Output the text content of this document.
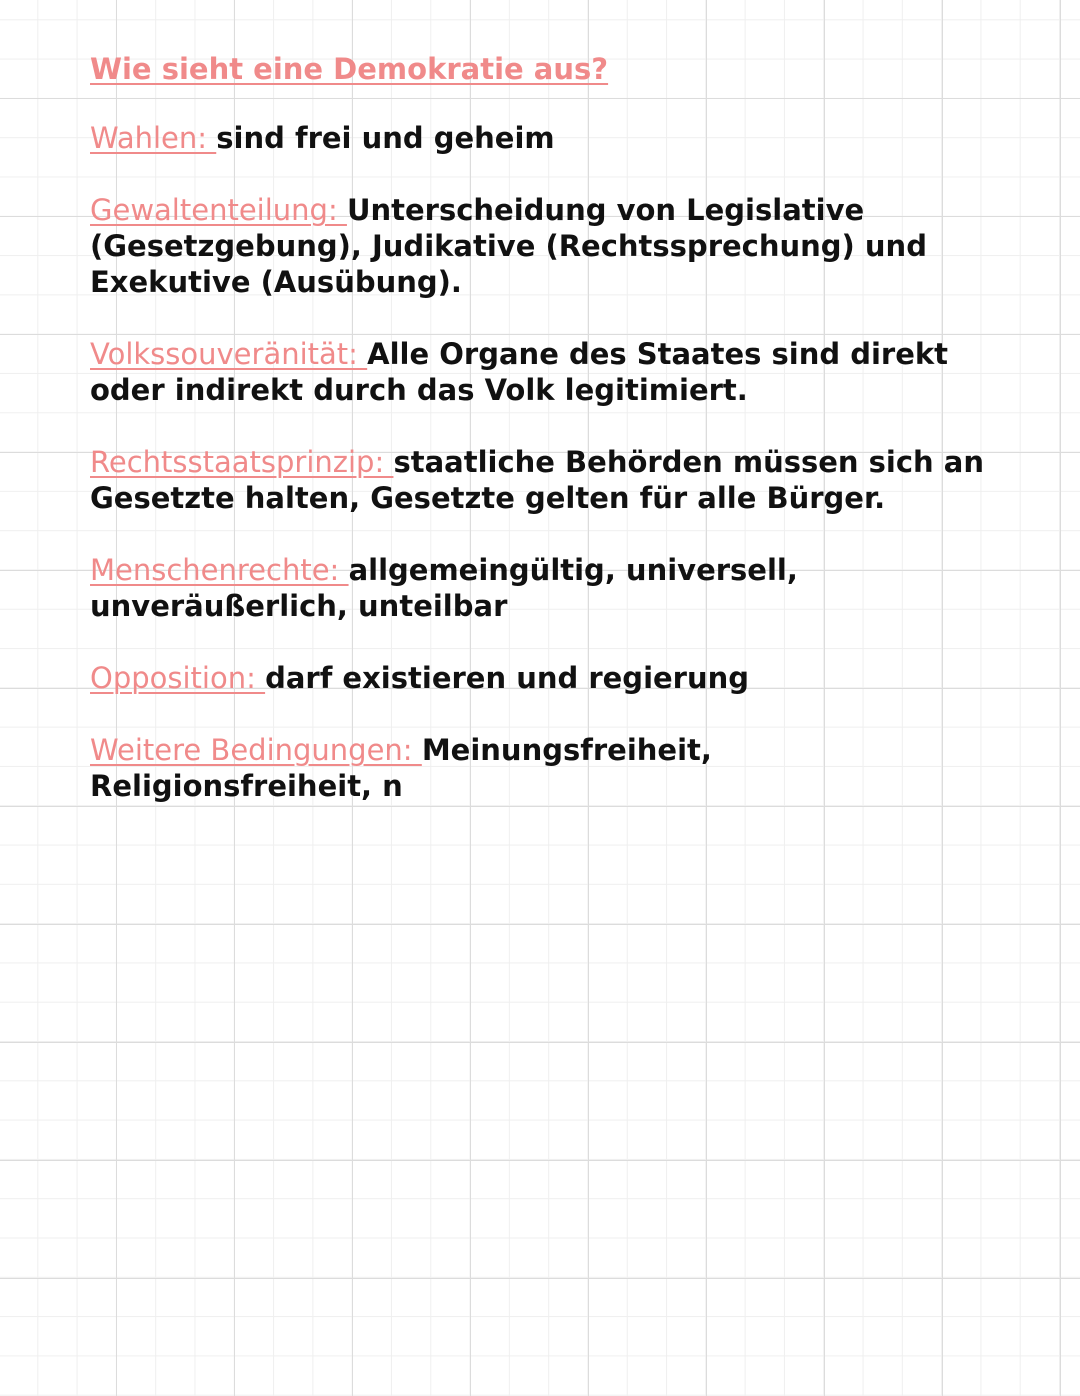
Wie sieht eine Demokratie aus?
Wahlen: sind frei und geheim
Gewaltenteilung: Unterscheidung von Legislative (Gesetzgebung), Judikative (Rechtssprechung) und Exekutive (Ausübung).
Volkssouveränität: Alle Organe des Staates sind direkt oder indirekt durch das Volk legitimiert.
Rechtsstaatsprinzip: staatliche Behörden müssen sich an Gesetzte halten, Gesetzte gelten für alle Bürger.
Menschenrechte: allgemeingültig, universell, unveräußerlich, unteilbar
Opposition: darf existieren und regierung
Weitere Bedingungen: Meinungsfreiheit, Religionsfreiheit, n
